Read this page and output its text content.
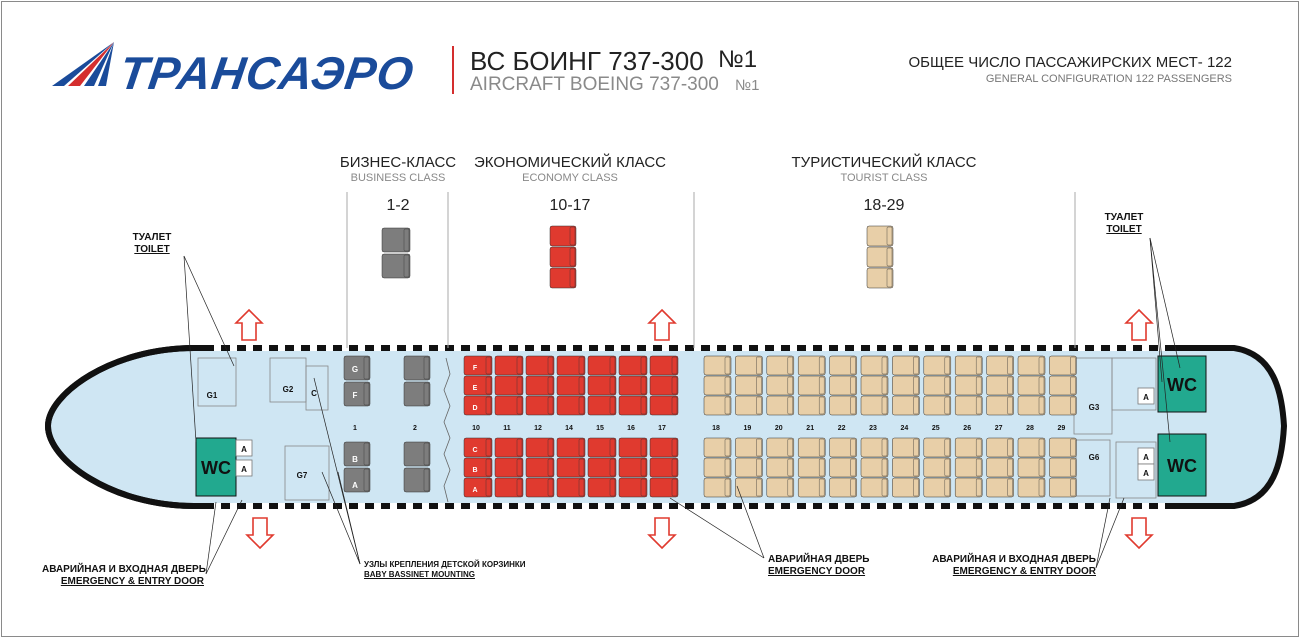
ТРАНСАЭРО ВС БОИНГ 737-300 №1
AIRCRAFT BOEING 737-300 №1
ОБЩЕЕ ЧИСЛО ПАССАЖИРСКИХ МЕСТ- 122
GENERAL CONFIGURATION 122 PASSENGERS
БИЗНЕС-КЛАСС
BUSINESS CLASS
1-2
ЭКОНОМИЧЕСКИЙ КЛАСС
ECONOMY CLASS
10-17
ТУРИСТИЧЕСКИЙ КЛАСС
TOURIST CLASS
18-29
ТУАЛЕТ
TOILET
ТУАЛЕТ
TOILET
АВАРИЙНАЯ И ВХОДНАЯ ДВЕРЬ
EMERGENCY & ENTRY DOOR
УЗЛЫ КРЕПЛЕНИЯ ДЕТСКОЙ КОРЗИНКИ
BABY BASSINET MOUNTING
АВАРИЙНАЯ ДВЕРЬ
EMERGENCY DOOR
АВАРИЙНАЯ И ВХОДНАЯ ДВЕРЬ
EMERGENCY & ENTRY DOOR
G1
G2 C
G7
G3
G6
WC
WC
WC
A
A
A
A
A
1	2
G
F
B
A
10	11	12	14	15	16	17
F
E
D
C
B
A
18	19	20	21	22	23	24	25	26	27	28	29
